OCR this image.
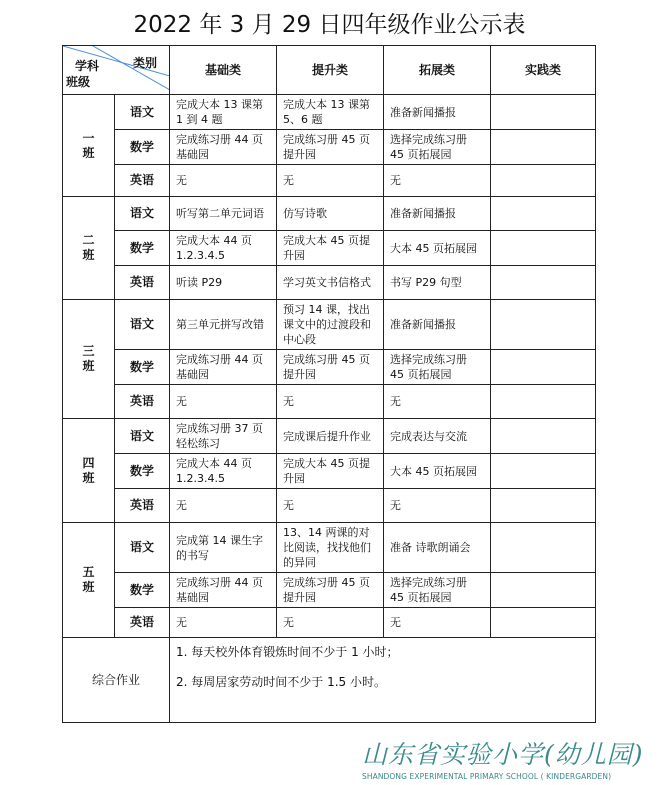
2022 年 3 月 29 日四年级作业公示表
类别
学科
班级		基础类	提升类	拓展类	实践类
一
班	语文	完成大本 13 课第 1 到 4 题	完成大本 13 课第 5、6 题	准备新闻播报	
	数学	完成练习册 44 页基础园	完成练习册 45 页提升园	选择完成练习册 45 页拓展园	
	英语	无	无	无	
二
班	语文	听写第二单元词语	仿写诗歌	准备新闻播报	
	数学	完成大本 44 页 1.2.3.4.5	完成大本 45 页提升园	大本 45 页拓展园	
	英语	听读 P29	学习英文书信格式	书写 P29 句型	
三
班	语文	第三单元拼写改错	预习 14 课，找出课文中的过渡段和中心段	准备新闻播报	
	数学	完成练习册 44 页基础园	完成练习册 45 页提升园	选择完成练习册 45 页拓展园	
	英语	无	无	无	
四
班	语文	完成练习册 37 页轻松练习	完成课后提升作业	完成表达与交流	
	数学	完成大本 44 页 1.2.3.4.5	完成大本 45 页提升园	大本 45 页拓展园	
	英语	无	无	无	
五
班	语文	完成第 14 课生字的书写	13、14 两课的对比阅读，找找他们的异同	准备 诗歌朗诵会	
	数学	完成练习册 44 页基础园	完成练习册 45 页提升园	选择完成练习册 45 页拓展园	
	英语	无	无	无	
综合作业		1. 每天校外体育锻炼时间不少于 1 小时；
2. 每周居家劳动时间不少于 1.5 小时。			
山东省实验小学(幼儿园)
SHANDONG EXPERIMENTAL PRIMARY SCHOOL ( KINDERGARDEN)
